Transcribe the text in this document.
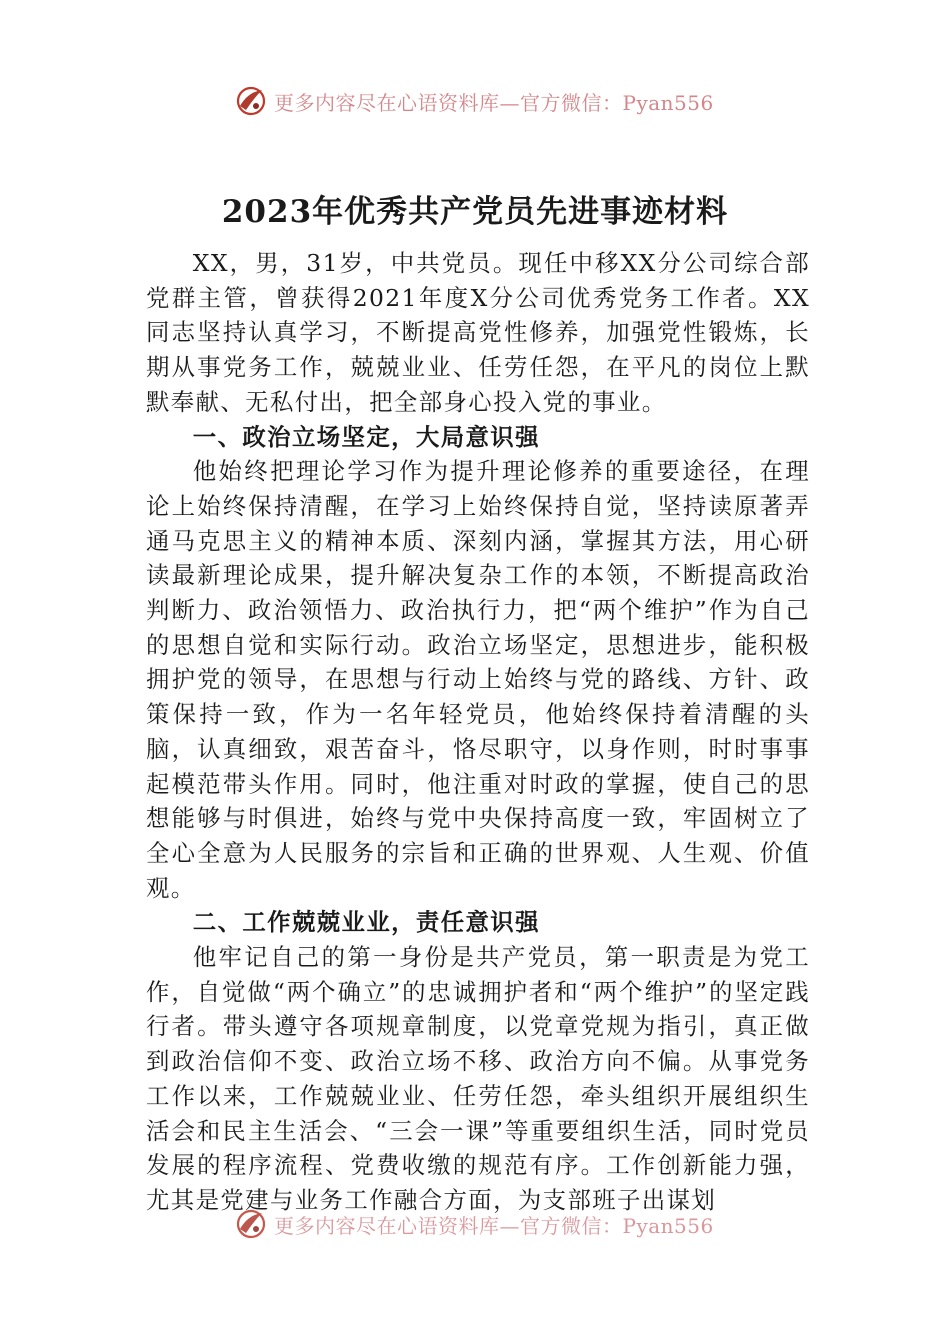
更多内容尽在心语资料库—官方微信：Pyan556
2023年优秀共产党员先进事迹材料

XX，男，31岁，中共党员。现任中移XX分公司综合部党群主管，曾获得2021年度X分公司优秀党务工作者。XX同志坚持认真学习，不断提高党性修养，加强党性锻炼，长期从事党务工作，兢兢业业、任劳任怨，在平凡的岗位上默默奉献、无私付出，把全部身心投入党的事业。

一、政治立场坚定，大局意识强

他始终把理论学习作为提升理论修养的重要途径，在理论上始终保持清醒，在学习上始终保持自觉，坚持读原著弄通马克思主义的精神本质、深刻内涵，掌握其方法，用心研读最新理论成果，提升解决复杂工作的本领，不断提高政治判断力、政治领悟力、政治执行力，把“两个维护”作为自己的思想自觉和实际行动。政治立场坚定，思想进步，能积极拥护党的领导，在思想与行动上始终与党的路线、方针、政策保持一致，作为一名年轻党员，他始终保持着清醒的头脑，认真细致，艰苦奋斗，恪尽职守，以身作则，时时事事起模范带头作用。同时，他注重对时政的掌握，使自己的思想能够与时俱进，始终与党中央保持高度一致，牢固树立了全心全意为人民服务的宗旨和正确的世界观、人生观、价值观。

二、工作兢兢业业，责任意识强

他牢记自己的第一身份是共产党员，第一职责是为党工作，自觉做“两个确立”的忠诚拥护者和“两个维护”的坚定践行者。带头遵守各项规章制度，以党章党规为指引，真正做到政治信仰不变、政治立场不移、政治方向不偏。从事党务工作以来，工作兢兢业业、任劳任怨，牵头组织开展组织生活会和民主生活会、“三会一课”等重要组织生活，同时党员发展的程序流程、党费收缴的规范有序。工作创新能力强，尤其是党建与业务工作融合方面，为支部班子出谋划

更多内容尽在心语资料库—官方微信：Pyan556
